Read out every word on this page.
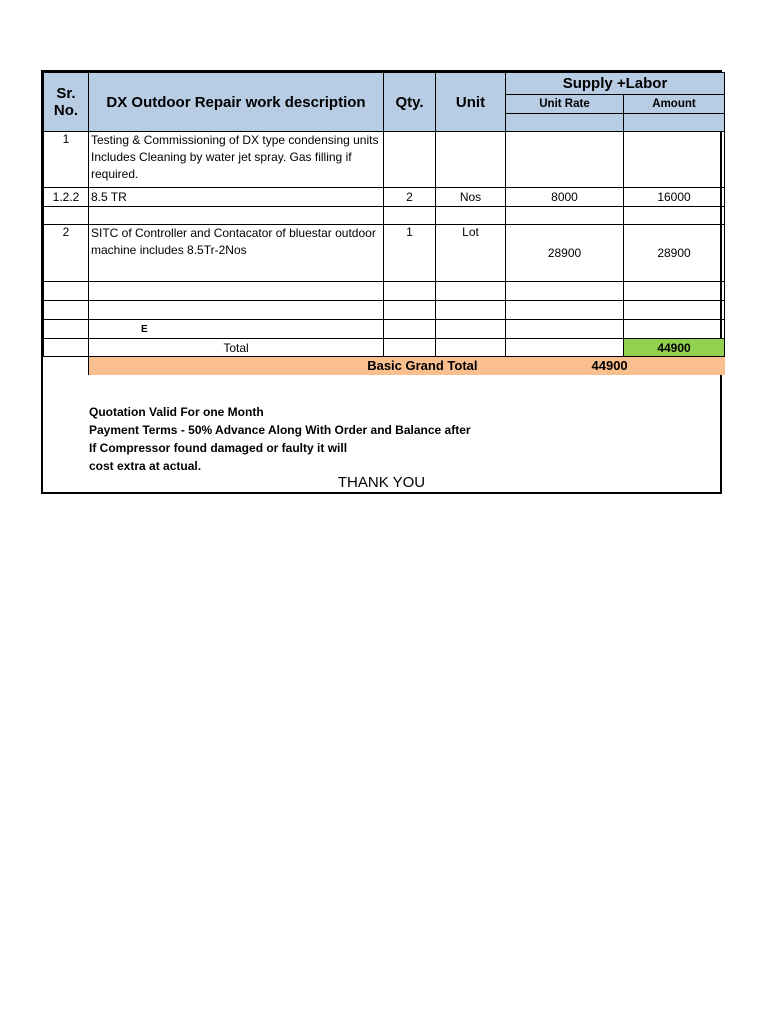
Sr. No.	DX Outdoor Repair work description	Qty.	Unit	Supply +Labor	
				Unit Rate	Amount

1	Testing & Commissioning of DX type condensing units Includes Cleaning by water jet spray. Gas filling if required.				
1.2.2	8.5 TR	2	Nos	8000	16000

2	SITC of Controller and Contacator of bluestar outdoor machine includes 8.5Tr-2Nos	1	Lot	28900	28900

	E				
	Total				44900
	Basic Grand Total			44900	
Quotation Valid For one Month
Payment Terms - 50% Advance Along With Order and Balance after
If Compressor found damaged or faulty it will
cost extra at actual.
THANK YOU
